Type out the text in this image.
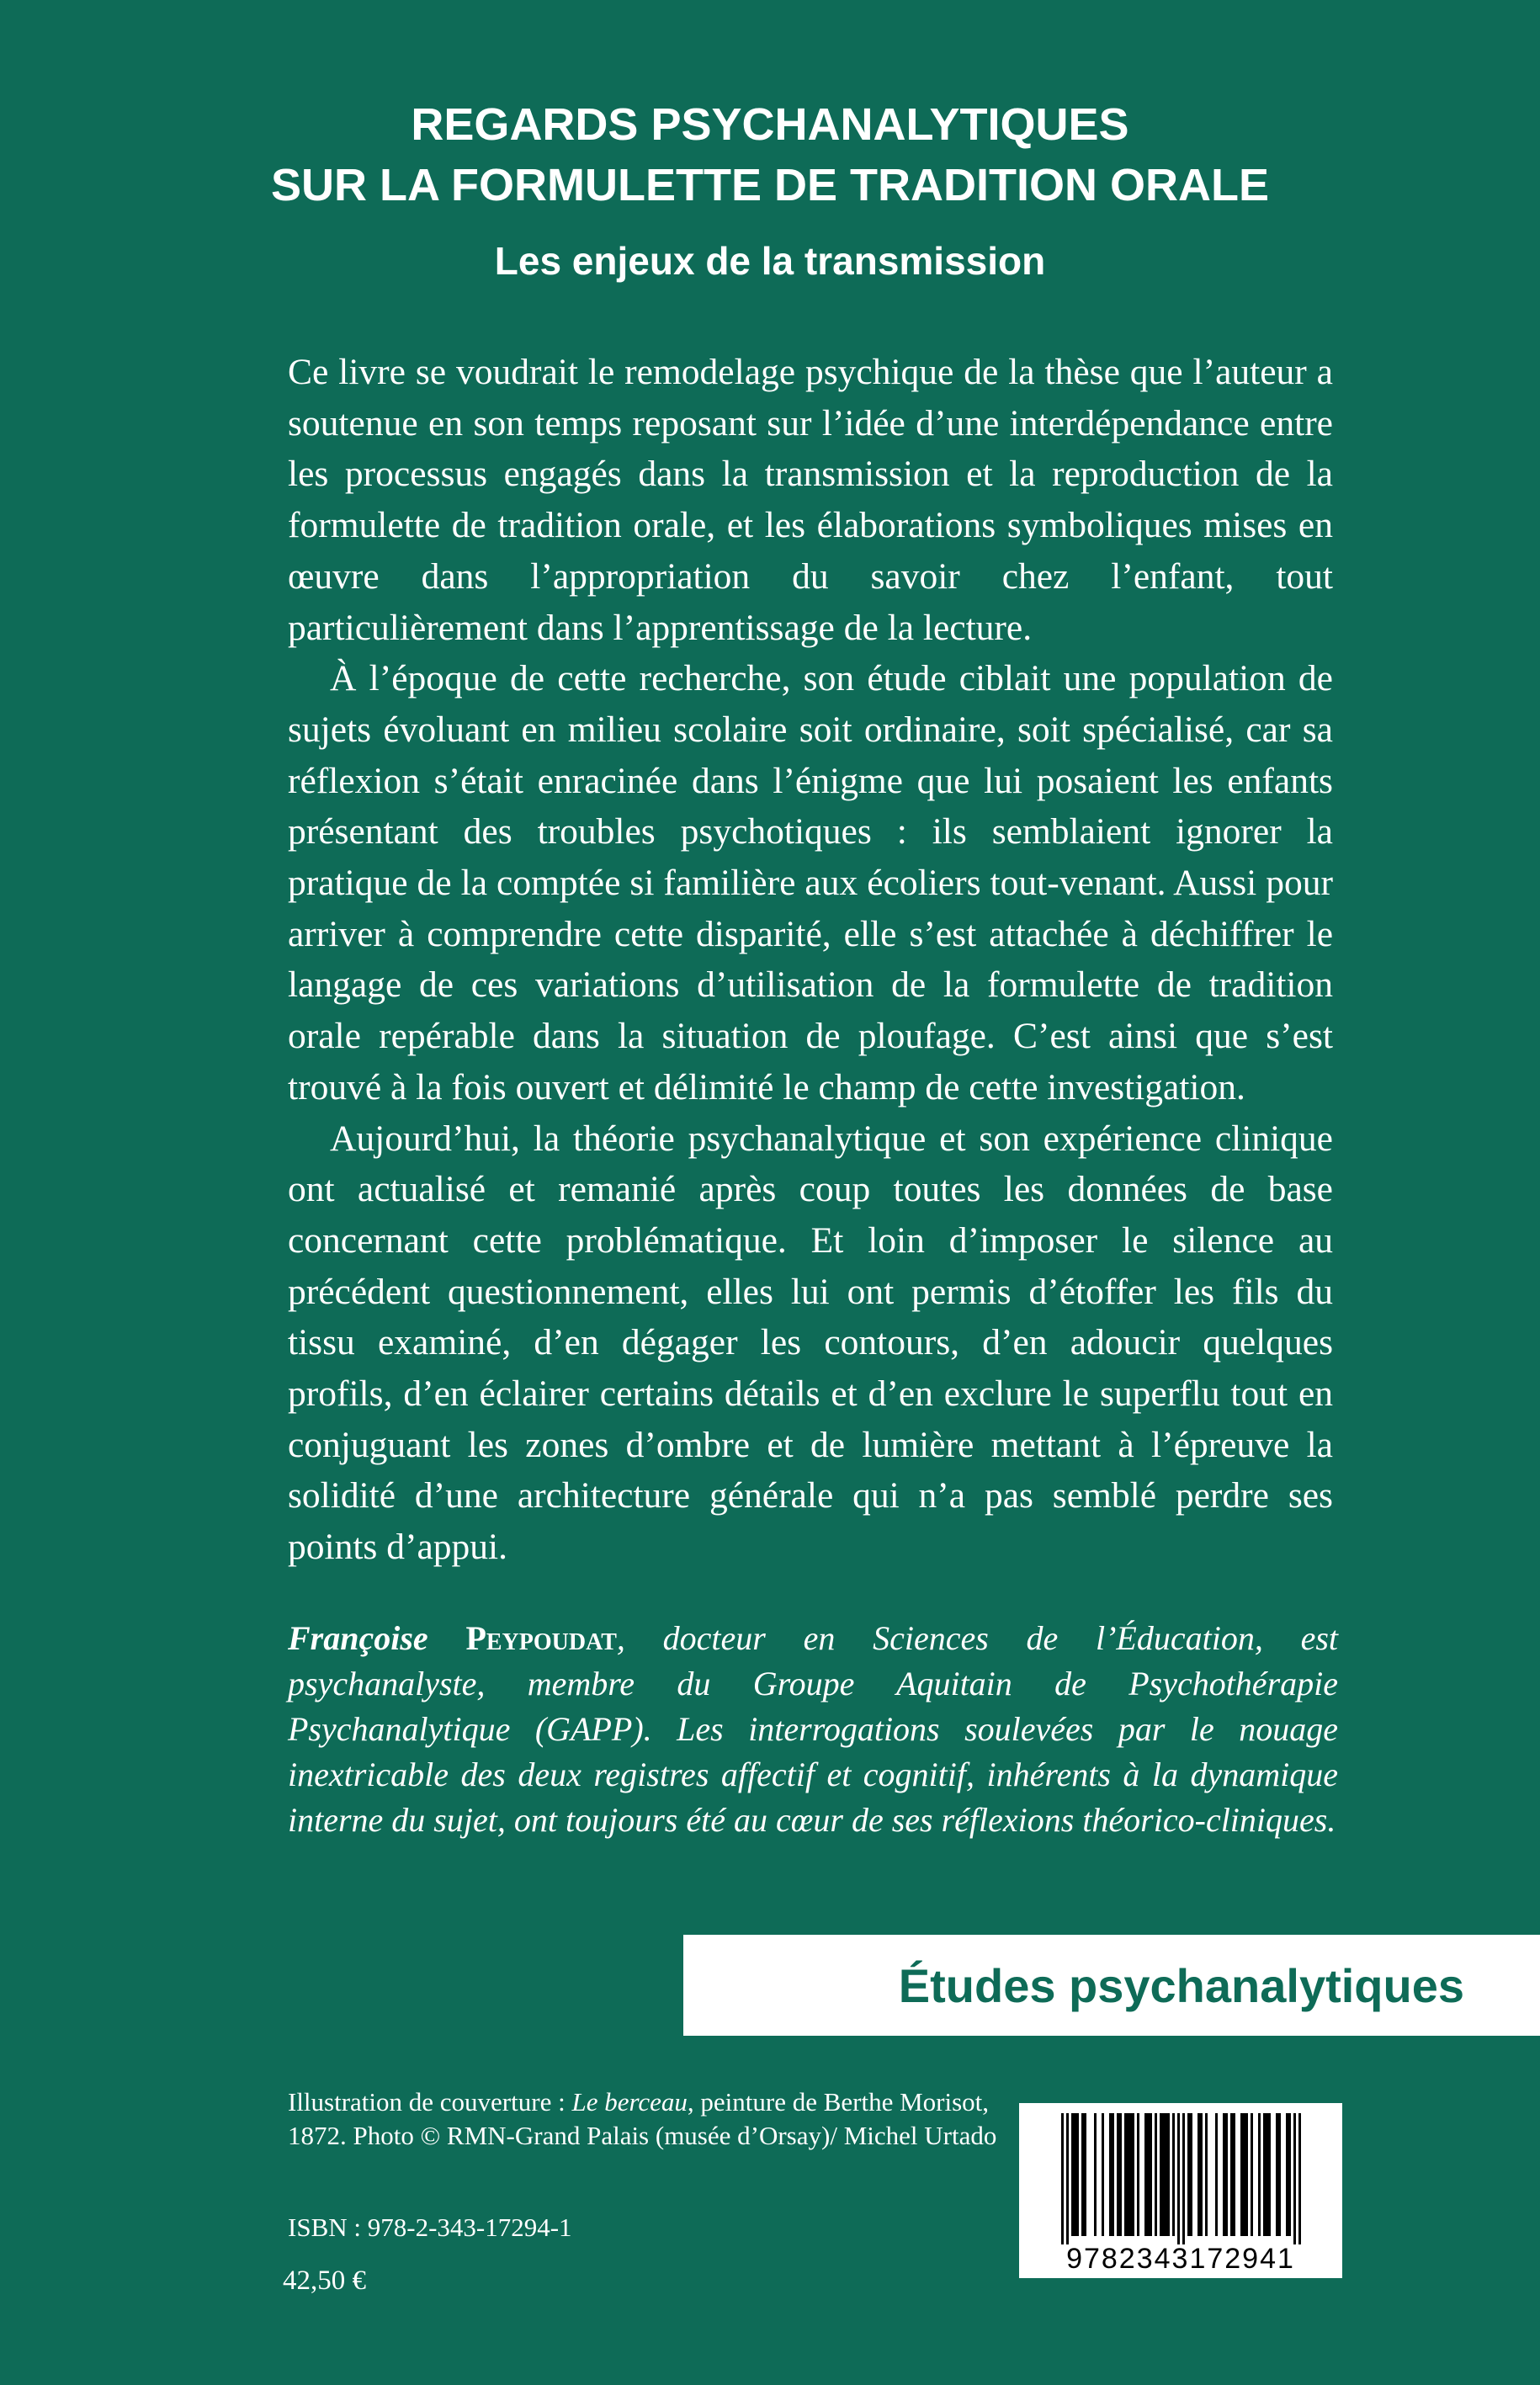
REGARDS PSYCHANALYTIQUES
SUR LA FORMULETTE DE TRADITION ORALE
Les enjeux de la transmission

Ce livre se voudrait le remodelage psychique de la thèse que l’auteur a soutenue en son temps reposant sur l’idée d’une interdépendance entre les processus engagés dans la transmission et la reproduction de la formulette de tradition orale, et les élaborations symboliques mises en œuvre dans l’appropriation du savoir chez l’enfant, tout particulièrement dans l’apprentissage de la lecture.

À l’époque de cette recherche, son étude ciblait une population de sujets évoluant en milieu scolaire soit ordinaire, soit spécialisé, car sa réflexion s’était enracinée dans l’énigme que lui posaient les enfants présentant des troubles psychotiques : ils semblaient ignorer la pratique de la comptée si familière aux écoliers tout-venant. Aussi pour arriver à comprendre cette disparité, elle s’est attachée à déchiffrer le langage de ces variations d’utilisation de la formulette de tradition orale repérable dans la situation de ploufage. C’est ainsi que s’est trouvé à la fois ouvert et délimité le champ de cette investigation.

Aujourd’hui, la théorie psychanalytique et son expérience clinique ont actualisé et remanié après coup toutes les données de base concernant cette problématique. Et loin d’imposer le silence au précédent questionnement, elles lui ont permis d’étoffer les fils du tissu examiné, d’en dégager les contours, d’en adoucir quelques profils, d’en éclairer certains détails et d’en exclure le superflu tout en conjuguant les zones d’ombre et de lumière mettant à l’épreuve la solidité d’une architecture générale qui n’a pas semblé perdre ses points d’appui.

Françoise Peypoudat, docteur en Sciences de l’Éducation, est psychanalyste, membre du Groupe Aquitain de Psychothérapie Psychanalytique (GAPP). Les interrogations soulevées par le nouage inextricable des deux registres affectif et cognitif, inhérents à la dynamique interne du sujet, ont toujours été au cœur de ses réflexions théorico-cliniques.

Études psychanalytiques

Illustration de couverture : Le berceau, peinture de Berthe Morisot, 1872. Photo © RMN-Grand Palais (musée d’Orsay)/ Michel Urtado

ISBN : 978-2-343-17294-1

42,50 €

9782343172941
